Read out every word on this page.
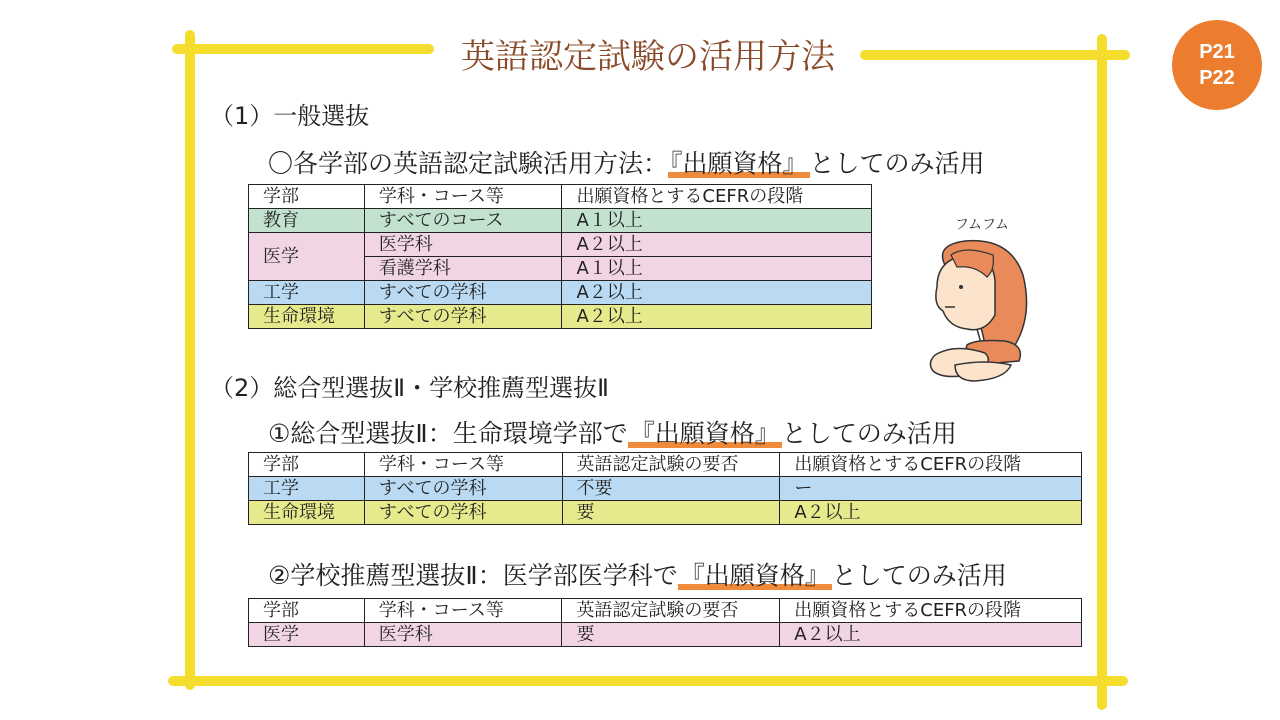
英語認定試験の活用方法	P21
P22
（1）一般選抜
〇各学部の英語認定試験活用方法：『出願資格』としてのみ活用
学部	学科・コース等	出願資格とするCEFRの段階
教育	すべてのコース	A１以上
医学	医学科	A２以上
	看護学科	A１以上
工学	すべての学科	A２以上
生命環境	すべての学科	A２以上
フムフム
（2）総合型選抜Ⅱ・学校推薦型選抜Ⅱ
①総合型選抜Ⅱ：生命環境学部で『出願資格』としてのみ活用
学部	学科・コース等	英語認定試験の要否	出願資格とするCEFRの段階
工学	すべての学科	不要	ー
生命環境	すべての学科	要	A２以上
②学校推薦型選抜Ⅱ：医学部医学科で『出願資格』としてのみ活用
学部	学科・コース等	英語認定試験の要否	出願資格とするCEFRの段階
医学	医学科	要	A２以上
